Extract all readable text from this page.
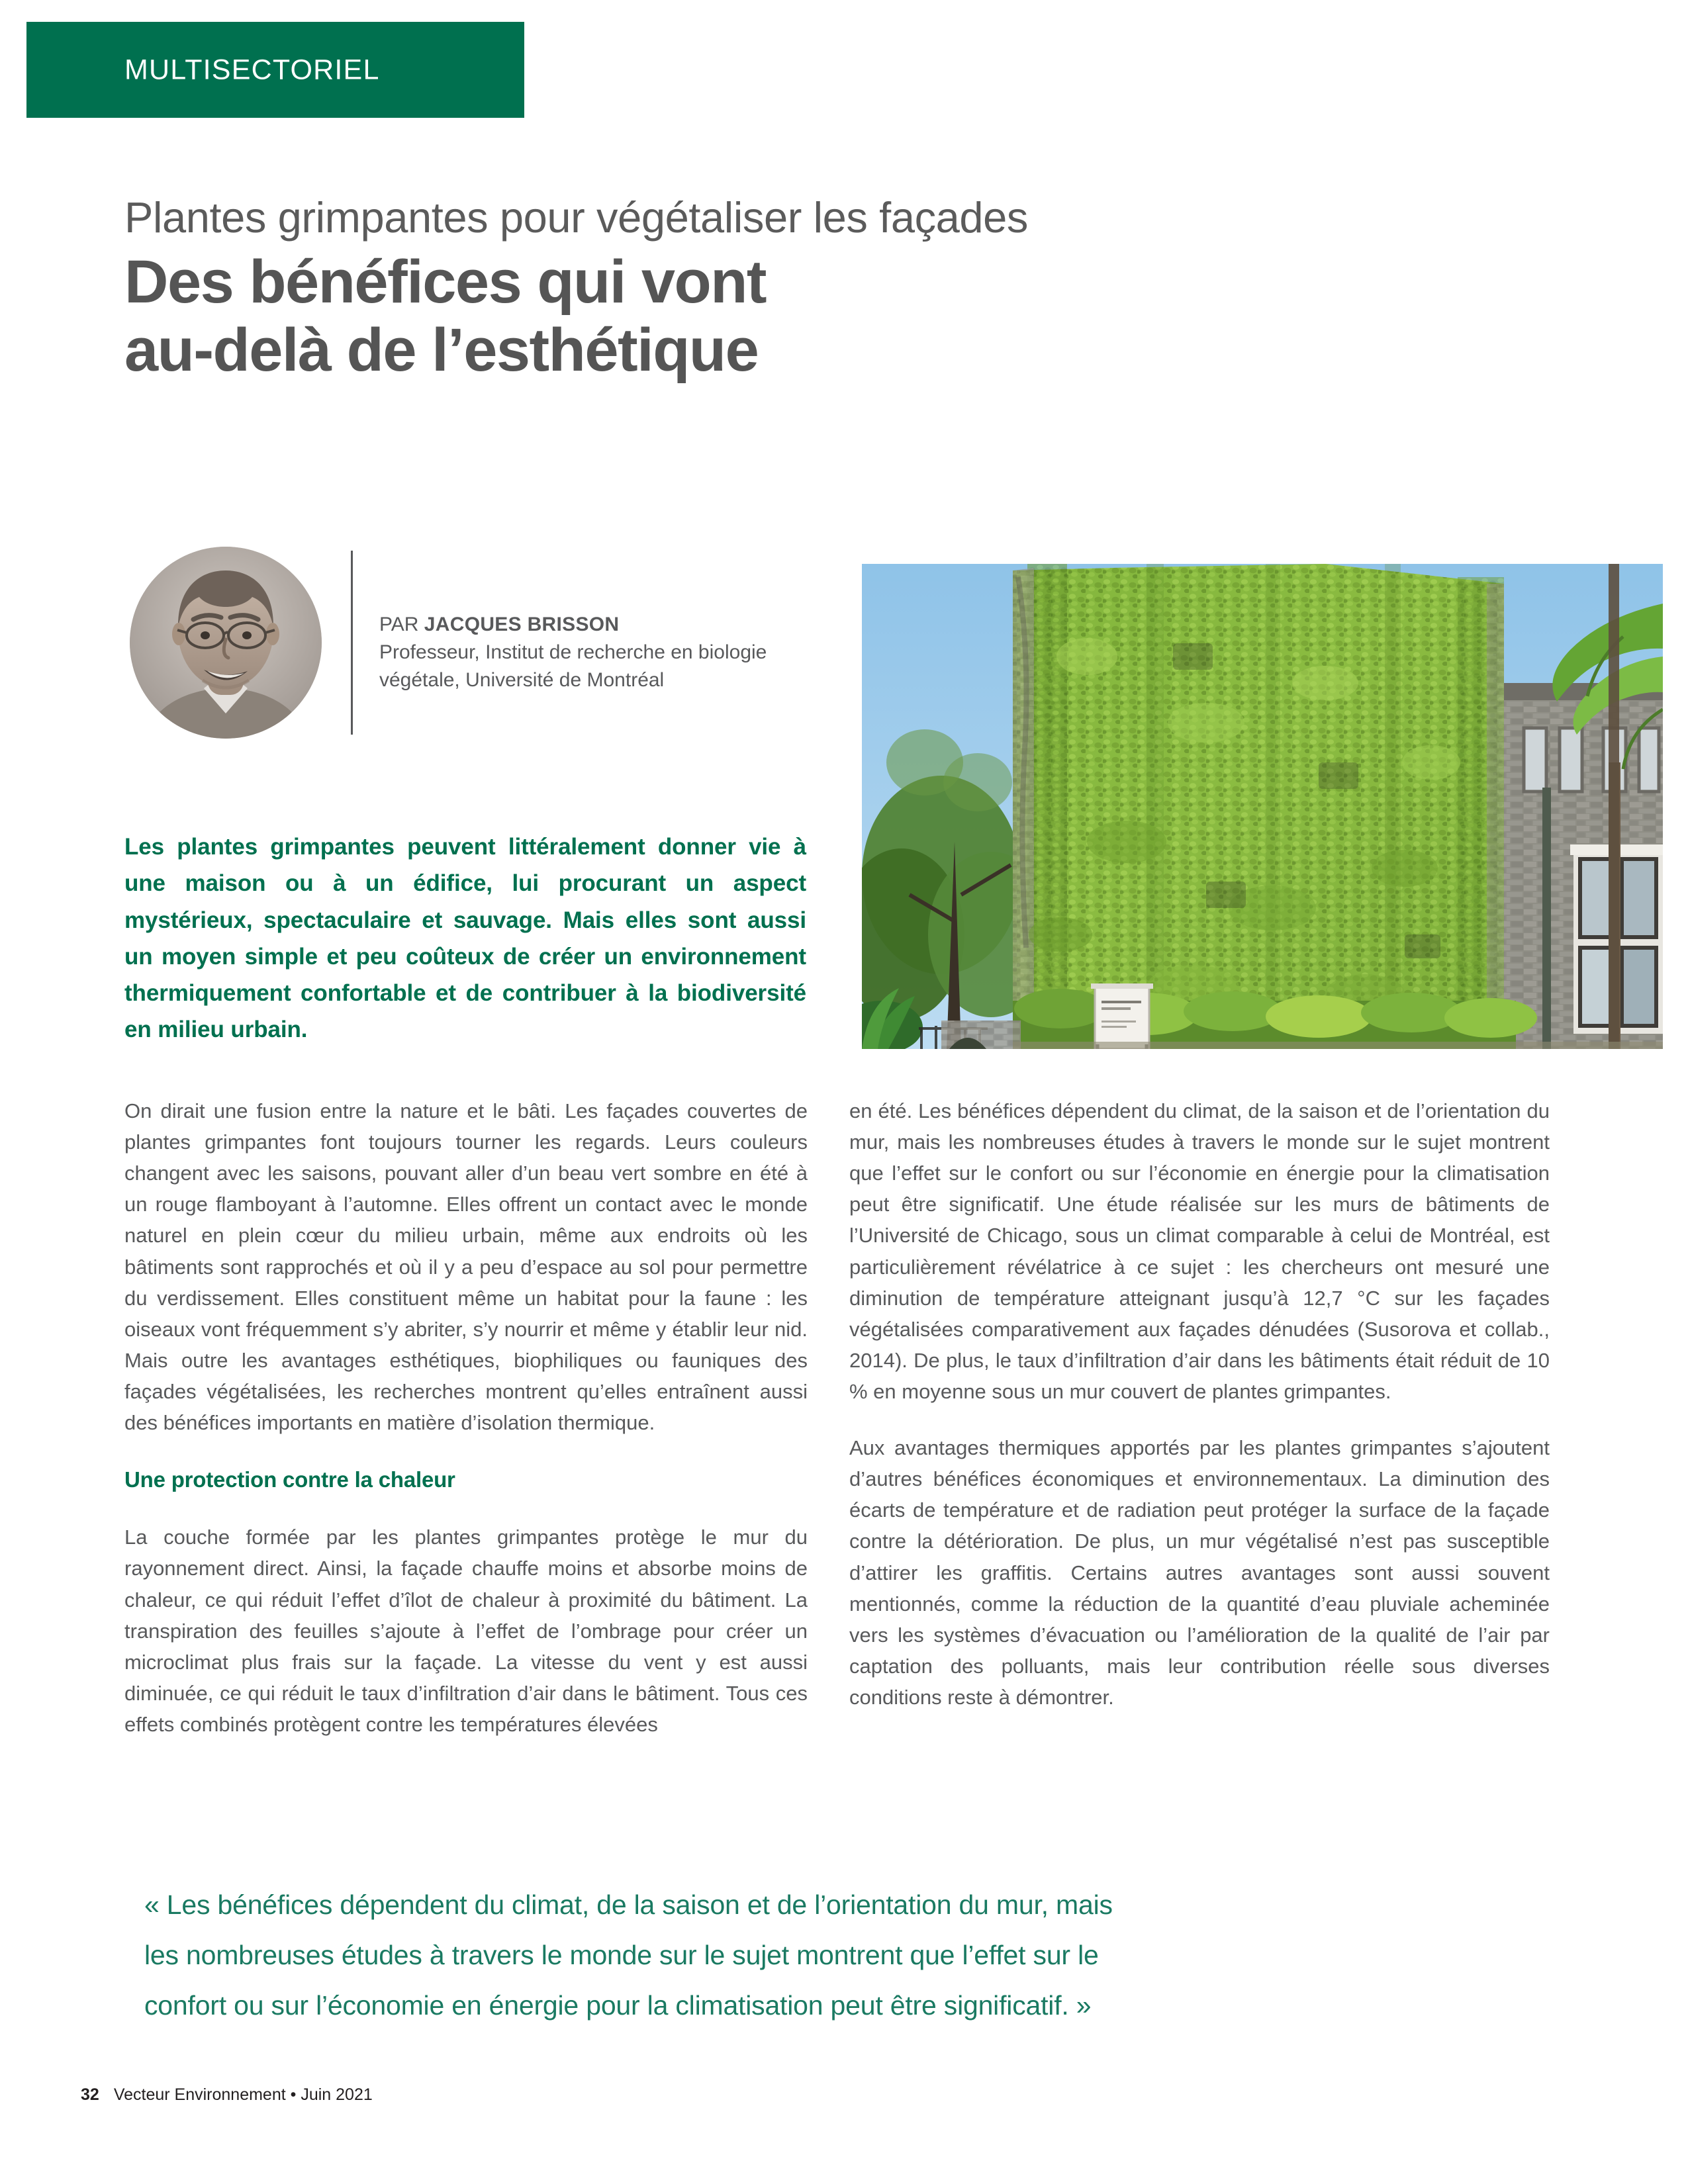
MULTISECTORIEL
Plantes grimpantes pour végétaliser les façades
Des bénéfices qui vont
au-delà de l’esthétique
PAR JACQUES BRISSON
Professeur, Institut de recherche en biologie
végétale, Université de Montréal
Les plantes grimpantes peuvent littéralement donner vie à une maison ou à un édifice, lui procurant un aspect mystérieux, spectaculaire et sauvage. Mais elles sont aussi un moyen simple et peu coûteux de créer un environnement thermiquement confortable et de contribuer à la biodiversité en milieu urbain.

On dirait une fusion entre la nature et le bâti. Les façades couvertes de plantes grimpantes font toujours tourner les regards. Leurs couleurs changent avec les saisons, pouvant aller d’un beau vert sombre en été à un rouge flamboyant à l’automne. Elles offrent un contact avec le monde naturel en plein cœur du milieu urbain, même aux endroits où les bâtiments sont rapprochés et où il y a peu d’espace au sol pour permettre du verdissement. Elles constituent même un habitat pour la faune : les oiseaux vont fréquemment s’y abriter, s’y nourrir et même y établir leur nid. Mais outre les avantages esthétiques, biophiliques ou fauniques des façades végétalisées, les recherches montrent qu’elles entraînent aussi des bénéfices importants en matière d’isolation thermique.

Une protection contre la chaleur

La couche formée par les plantes grimpantes protège le mur du rayonnement direct. Ainsi, la façade chauffe moins et absorbe moins de chaleur, ce qui réduit l’effet d’îlot de chaleur à proximité du bâtiment. La transpiration des feuilles s’ajoute à l’effet de l’ombrage pour créer un microclimat plus frais sur la façade. La vitesse du vent y est aussi diminuée, ce qui réduit le taux d’infiltration d’air dans le bâtiment. Tous ces effets combinés protègent contre les températures élevées

en été. Les bénéfices dépendent du climat, de la saison et de l’orientation du mur, mais les nombreuses études à travers le monde sur le sujet montrent que l’effet sur le confort ou sur l’économie en énergie pour la climatisation peut être significatif. Une étude réalisée sur les murs de bâtiments de l’Université de Chicago, sous un climat comparable à celui de Montréal, est particulièrement révélatrice à ce sujet : les chercheurs ont mesuré une diminution de température atteignant jusqu’à 12,7 °C sur les façades végétalisées comparativement aux façades dénudées (Susorova et collab., 2014). De plus, le taux d’infiltration d’air dans les bâtiments était réduit de 10 % en moyenne sous un mur couvert de plantes grimpantes.

Aux avantages thermiques apportés par les plantes grimpantes s’ajoutent d’autres bénéfices économiques et environnementaux. La diminution des écarts de température et de radiation peut protéger la surface de la façade contre la détérioration. De plus, un mur végétalisé n’est pas susceptible d’attirer les graffitis. Certains autres avantages sont aussi souvent mentionnés, comme la réduction de la quantité d’eau pluviale acheminée vers les systèmes d’évacuation ou l’amélioration de la qualité de l’air par captation des polluants, mais leur contribution réelle sous diverses conditions reste à démontrer.

« Les bénéfices dépendent du climat, de la saison et de l’orientation du mur, mais
les nombreuses études à travers le monde sur le sujet montrent que l’effet sur le
confort ou sur l’économie en énergie pour la climatisation peut être significatif. »
32 Vecteur Environnement • Juin 2021
